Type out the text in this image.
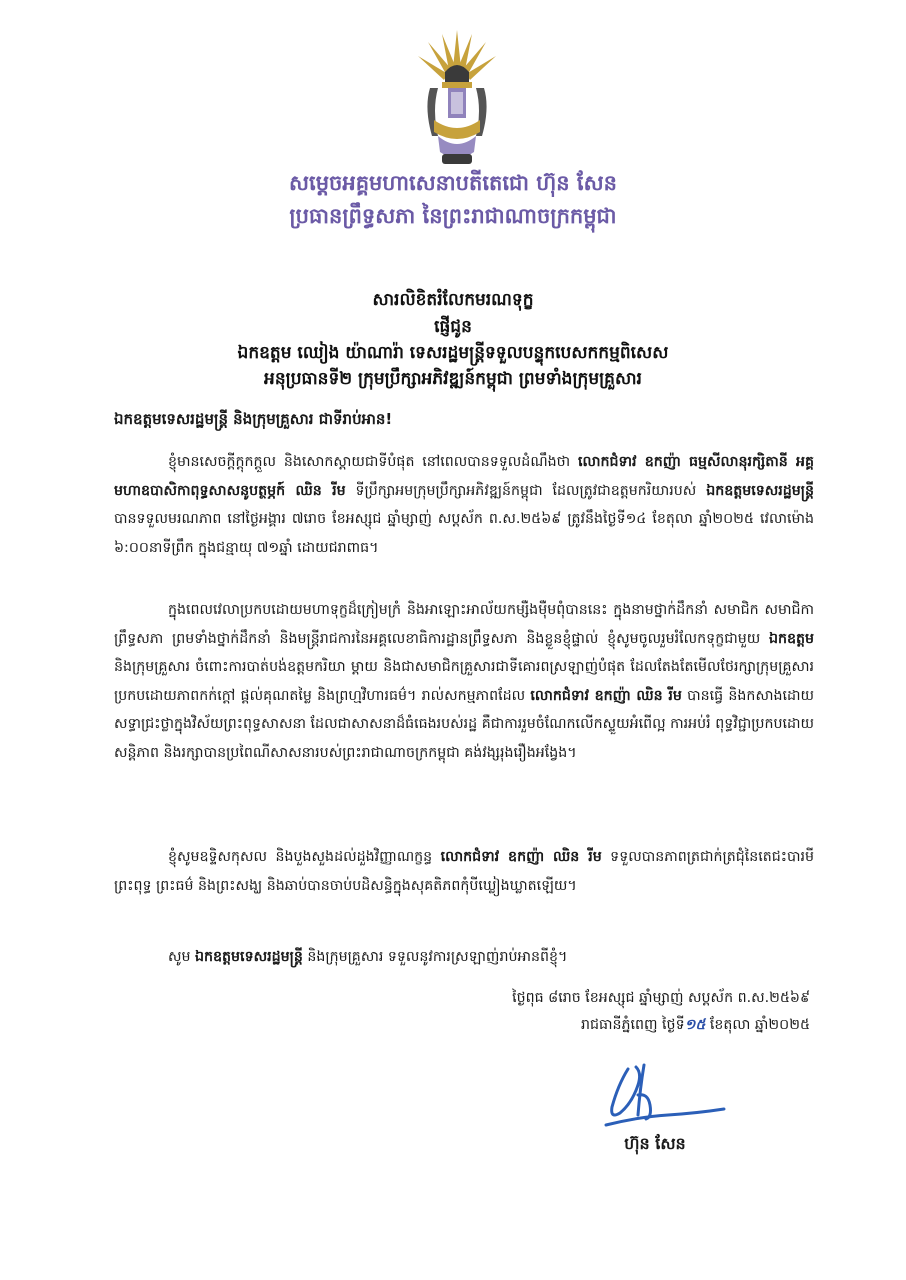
សម្តេចអគ្គមហាសេនាបតីតេជោ ហ៊ុន សែន
ប្រធានព្រឹទ្ធសភា នៃព្រះរាជាណាចក្រកម្ពុជា
សារលិខិតរំលែកមរណទុក្ខ
ផ្ញើជូន
ឯកឧត្តម ឈៀង យ៉ាណារ៉ា ទេសរដ្ឋមន្ត្រីទទួលបន្ទុកបេសកកម្មពិសេស
អនុប្រធានទី២ ក្រុមប្រឹក្សាអភិវឌ្ឍន៍កម្ពុជា ព្រមទាំងក្រុមគ្រួសារ
ឯកឧត្តមទេសរដ្ឋមន្ត្រី និងក្រុមគ្រួសារ ជាទីរាប់អាន!
ខ្ញុំមានសេចក្តីក្តុកក្តួល និងសោកស្តាយជាទីបំផុត នៅពេលបានទទួលដំណឹងថា លោកជំទាវ ឧកញ៉ា ធម្មសីលានុរក្សិតានី អគ្គមហាឧបាសិកាពុទ្ធសាសនូបត្ថម្ភក៍ ឈិន រីម ទីប្រឹក្សាអមក្រុមប្រឹក្សាអភិវឌ្ឍន៍កម្ពុជា ដែលត្រូវជាឧត្តមករិយារបស់ ឯកឧត្តមទេសរដ្ឋមន្ត្រី បានទទួលមរណភាព នៅថ្ងៃអង្គារ ៧រោច ខែអស្សុជ ឆ្នាំម្សាញ់ សប្តស័ក ព.ស.២៥៦៩ ត្រូវនឹងថ្ងៃទី១៤ ខែតុលា ឆ្នាំ២០២៥ វេលាម៉ោង ៦:០០នាទីព្រឹក ក្នុងជន្មាយុ ៧១ឆ្នាំ ដោយជរាពាធ។
ក្នុងពេលវេលាប្រកបដោយមហាទុក្ខដ៏ក្រៀមក្រំ និងអាឡោះអាល័យកម្សឺងម៉ឺមពុំបាននេះ ក្នុងនាមថ្នាក់ដឹកនាំ សមាជិក សមាជិកាព្រឹទ្ធសភា ព្រមទាំងថ្នាក់ដឹកនាំ និងមន្ត្រីរាជការនៃអគ្គលេខាធិការដ្ឋានព្រឹទ្ធសភា និងខ្លួនខ្ញុំផ្ទាល់ ខ្ញុំសូមចូលរួមរំលែកទុក្ខជាមួយ ឯកឧត្តម និងក្រុមគ្រួសារ ចំពោះការបាត់បង់ឧត្តមករិយា ម្តាយ និងជាសមាជិកគ្រួសារជាទីគោរពស្រឡាញ់បំផុត ដែលតែងតែមើលថែរក្សាក្រុមគ្រួសារប្រកបដោយភាពកក់ក្តៅ ផ្តល់គុណតម្លៃ និងព្រហ្មវិហារធម៌។ រាល់សកម្មភាពដែល លោកជំទាវ ឧកញ៉ា ឈិន រីម បានធ្វើ និងកសាងដោយសទ្ធាជ្រះថ្លាក្នុងវិស័យព្រះពុទ្ធសាសនា ដែលជាសាសនាដ៏ធំធេងរបស់រដ្ឋ គឺជាការរួមចំណែកលើកស្ទួយអំពើល្អ ការអប់រំ ពុទ្ធវិជ្ជាប្រកបដោយសន្តិភាព និងរក្សាបានប្រពៃណីសាសនារបស់ព្រះរាជាណាចក្រកម្ពុជា គង់វង្សរុងរឿងអង្វែង។
ខ្ញុំសូមឧទ្ទិសកុសល និងបួងសួងដល់ដួងវិញ្ញាណក្ខន្ធ លោកជំទាវ ឧកញ៉ា ឈិន រីម ទទួលបានភាពត្រជាក់ត្រជុំនៃតេជះបារមី ព្រះពុទ្ធ ព្រះធម៌ និងព្រះសង្ឃ និងឆាប់បានចាប់បដិសន្ធិក្នុងសុគតិភពកុំបីឃ្លៀងឃ្លាតឡើយ។
សូម ឯកឧត្តមទេសរដ្ឋមន្ត្រី និងក្រុមគ្រួសារ ទទួលនូវការស្រឡាញ់រាប់អានពីខ្ញុំ។
ថ្ងៃពុធ ៨រោច ខែអស្សុជ ឆ្នាំម្សាញ់ សប្តស័ក ព.ស.២៥៦៩
រាជធានីភ្នំពេញ ថ្ងៃទី១៥ ខែតុលា ឆ្នាំ២០២៥
ហ៊ុន សែន
